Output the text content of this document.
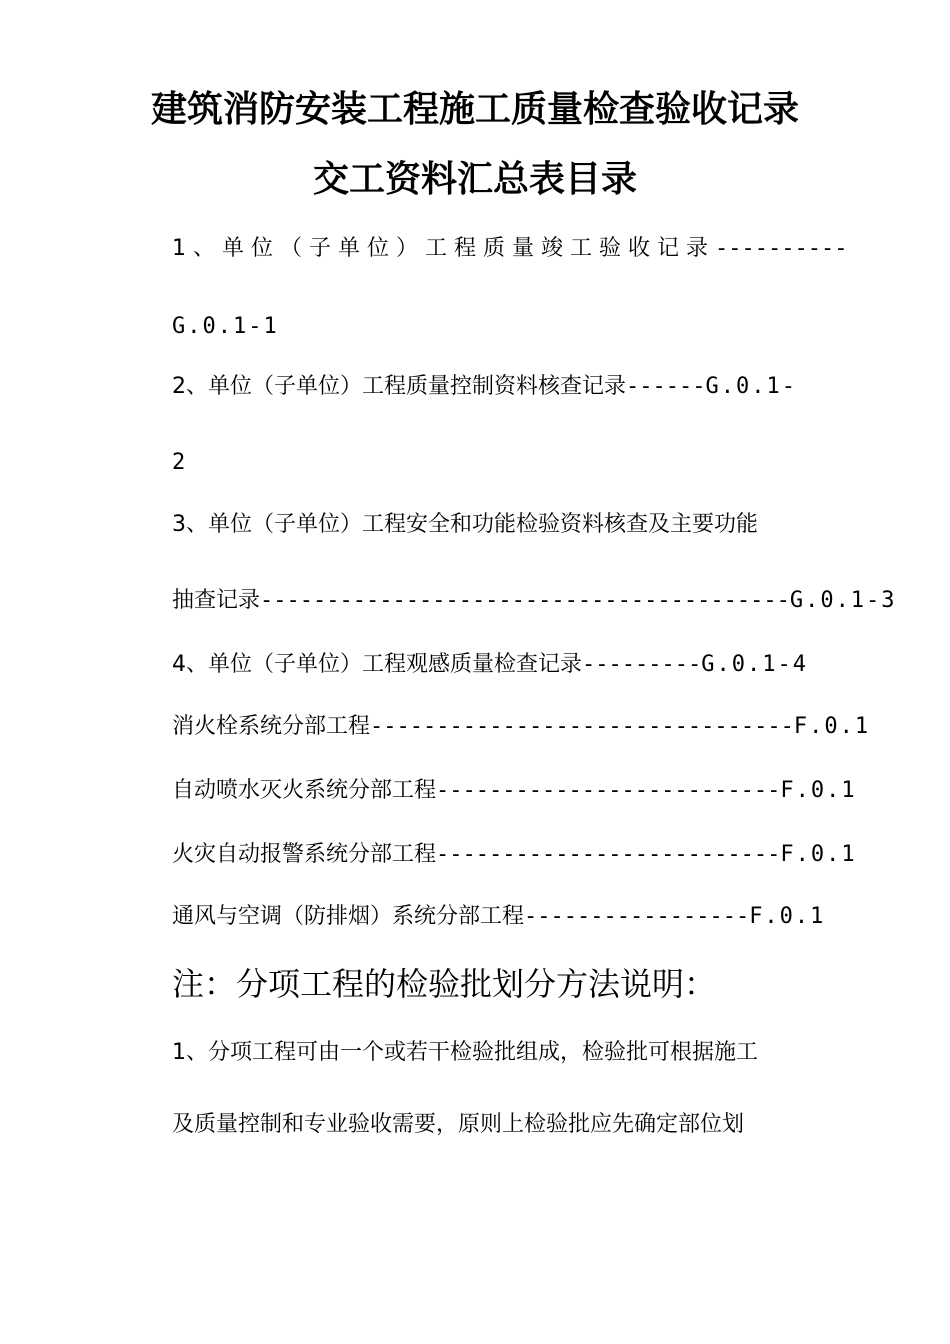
建筑消防安装工程施工质量检查验收记录
交工资料汇总表目录
1、单位（子单位）工程质量竣工验收记录 ----------
G.0.1-1
2、单位（子单位）工程质量控制资料核查记录 ------ G.0.1-
2
3、单位（子单位）工程安全和功能检验资料核查及主要功能
抽查记录 ---------------------------------------- G.0.1-3
4、单位（子单位）工程观感质量检查记录 --------- G.0.1-4
消火栓系统分部工程 -------------------------------- F.0.1
自动喷水灭火系统分部工程 -------------------------- F.0.1
火灾自动报警系统分部工程 -------------------------- F.0.1
通风与空调（防排烟）系统分部工程 ----------------- F.0.1
注：分项工程的检验批划分方法说明：
1、分项工程可由一个或若干检验批组成，检验批可根据施工
及质量控制和专业验收需要，原则上检验批应先确定部位划
